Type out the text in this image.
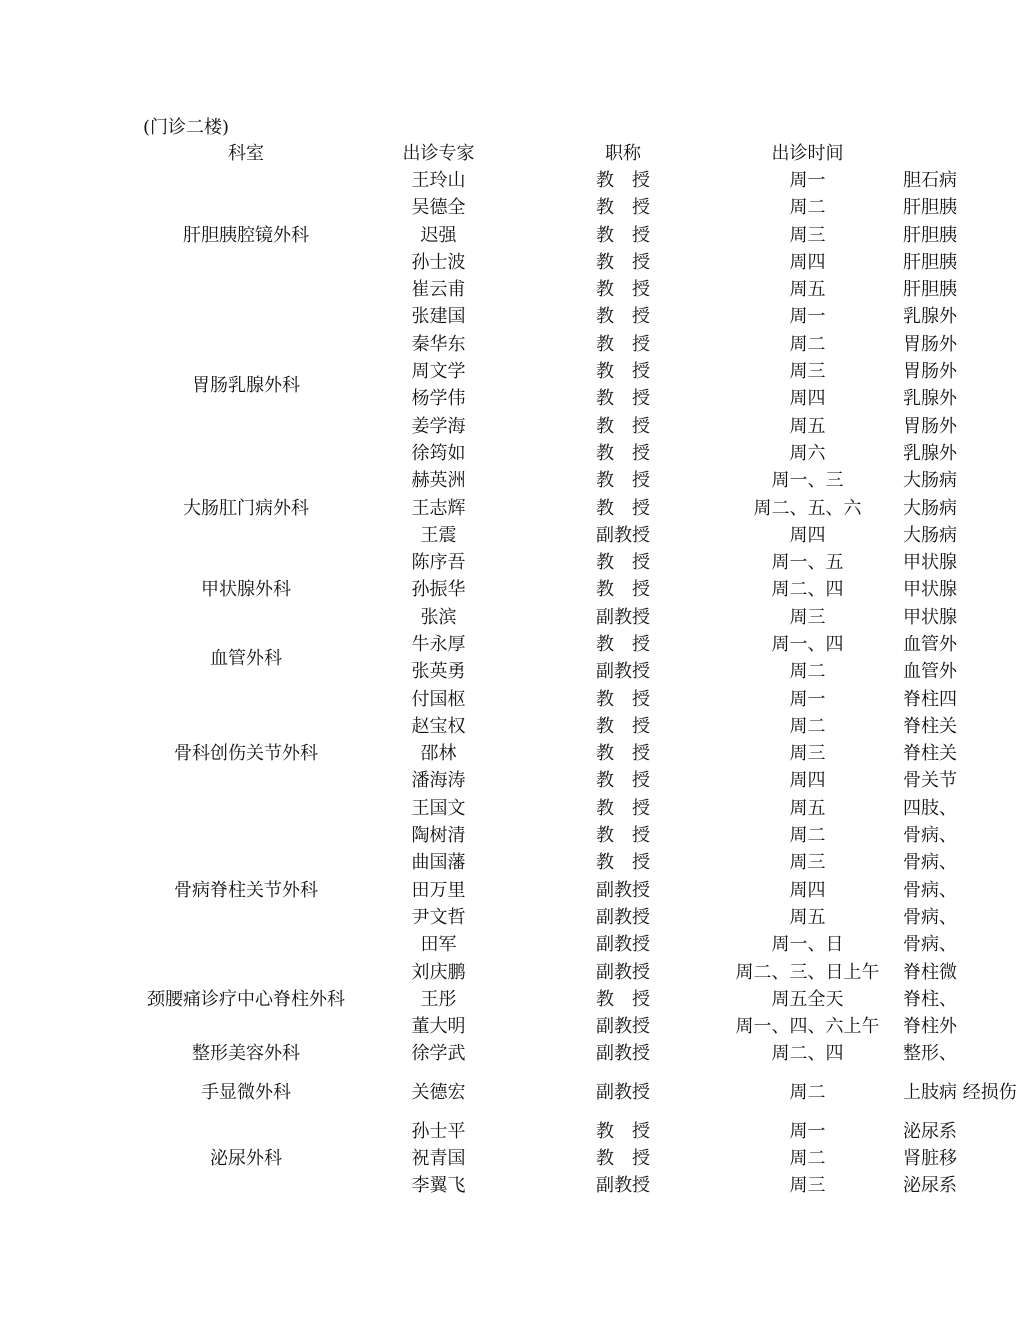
(门诊二楼)
科室	出诊专家	职称	出诊时间	
肝胆胰腔镜外科	王玲山	教　授	周一	胆石病
	吴德全	教　授	周二	肝胆胰
	迟强	教　授	周三	肝胆胰
	孙士波	教　授	周四	肝胆胰
	崔云甫	教　授	周五	肝胆胰
胃肠乳腺外科	张建国	教　授	周一	乳腺外
	秦华东	教　授	周二	胃肠外
	周文学	教　授	周三	胃肠外
	杨学伟	教　授	周四	乳腺外
	姜学海	教　授	周五	胃肠外
	徐筠如	教　授	周六	乳腺外
大肠肛门病外科	赫英洲	教　授	周一、三	大肠病
	王志辉	教　授	周二、五、六	大肠病
	王震	副教授	周四	大肠病
甲状腺外科	陈序吾	教　授	周一、五	甲状腺
	孙振华	教　授	周二、四	甲状腺
	张滨	副教授	周三	甲状腺
血管外科	牛永厚	教　授	周一、四	血管外
	张英勇	副教授	周二	血管外
骨科创伤关节外科	付国枢	教　授	周一	脊柱四
	赵宝权	教　授	周二	脊柱关
	邵林	教　授	周三	脊柱关
	潘海涛	教　授	周四	骨关节
	王国文	教　授	周五	四肢、
骨病脊柱关节外科	陶树清	教　授	周二	骨病、
	曲国藩	教　授	周三	骨病、
	田万里	副教授	周四	骨病、
	尹文哲	副教授	周五	骨病、
	田军	副教授	周一、日	骨病、
颈腰痛诊疗中心脊柱外科	刘庆鹏	副教授	周二、三、日上午	脊柱微
	王彤	教　授	周五全天	脊柱、
	董大明	副教授	周一、四、六上午	脊柱外
整形美容外科	徐学武	副教授	周二、四	整形、
手显微外科	关德宏	副教授	周二	上肢病 经损伤
泌尿外科	孙士平	教　授	周一	泌尿系
	祝青国	教　授	周二	肾脏移
	李翼飞	副教授	周三	泌尿系
